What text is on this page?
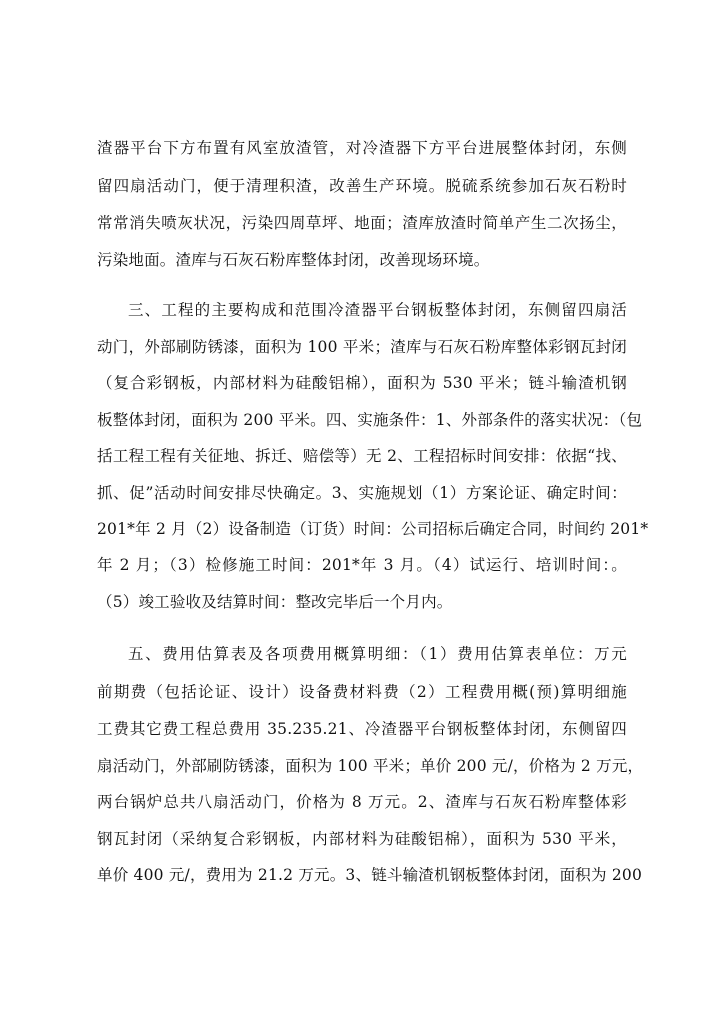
渣器平台下方布置有风室放渣管，对冷渣器下方平台进展整体封闭，东侧
留四扇活动门，便于清理积渣，改善生产环境。脱硫系统参加石灰石粉时
常常消失喷灰状况，污染四周草坪、地面；渣库放渣时简单产生二次扬尘，
污染地面。渣库与石灰石粉库整体封闭，改善现场环境。
三、工程的主要构成和范围冷渣器平台钢板整体封闭，东侧留四扇活
动门，外部刷防锈漆，面积为 100 平米；渣库与石灰石粉库整体彩钢瓦封闭
（复合彩钢板，内部材料为硅酸铝棉），面积为 530 平米；链斗输渣机钢
板整体封闭，面积为 200 平米。四、实施条件：1、外部条件的落实状况：（包
括工程工程有关征地、拆迁、赔偿等）无 2、工程招标时间安排：依据“找、
抓、促”活动时间安排尽快确定。3、实施规划（1）方案论证、确定时间：
201*年 2 月（2）设备制造（订货）时间：公司招标后确定合同，时间约 201*
年 2 月；（3）检修施工时间：201*年 3 月。（4）试运行、培训时间：。
（5）竣工验收及结算时间：整改完毕后一个月内。
五、费用估算表及各项费用概算明细：（1）费用估算表单位：万元
前期费（包括论证、设计）设备费材料费（2）工程费用概(预)算明细施
工费其它费工程总费用 35.235.21、冷渣器平台钢板整体封闭，东侧留四
扇活动门，外部刷防锈漆，面积为 100 平米；单价 200 元/，价格为 2 万元，
两台锅炉总共八扇活动门，价格为 8 万元。2、渣库与石灰石粉库整体彩
钢瓦封闭（采纳复合彩钢板，内部材料为硅酸铝棉），面积为 530 平米，
单价 400 元/，费用为 21.2 万元。3、链斗输渣机钢板整体封闭，面积为 200
